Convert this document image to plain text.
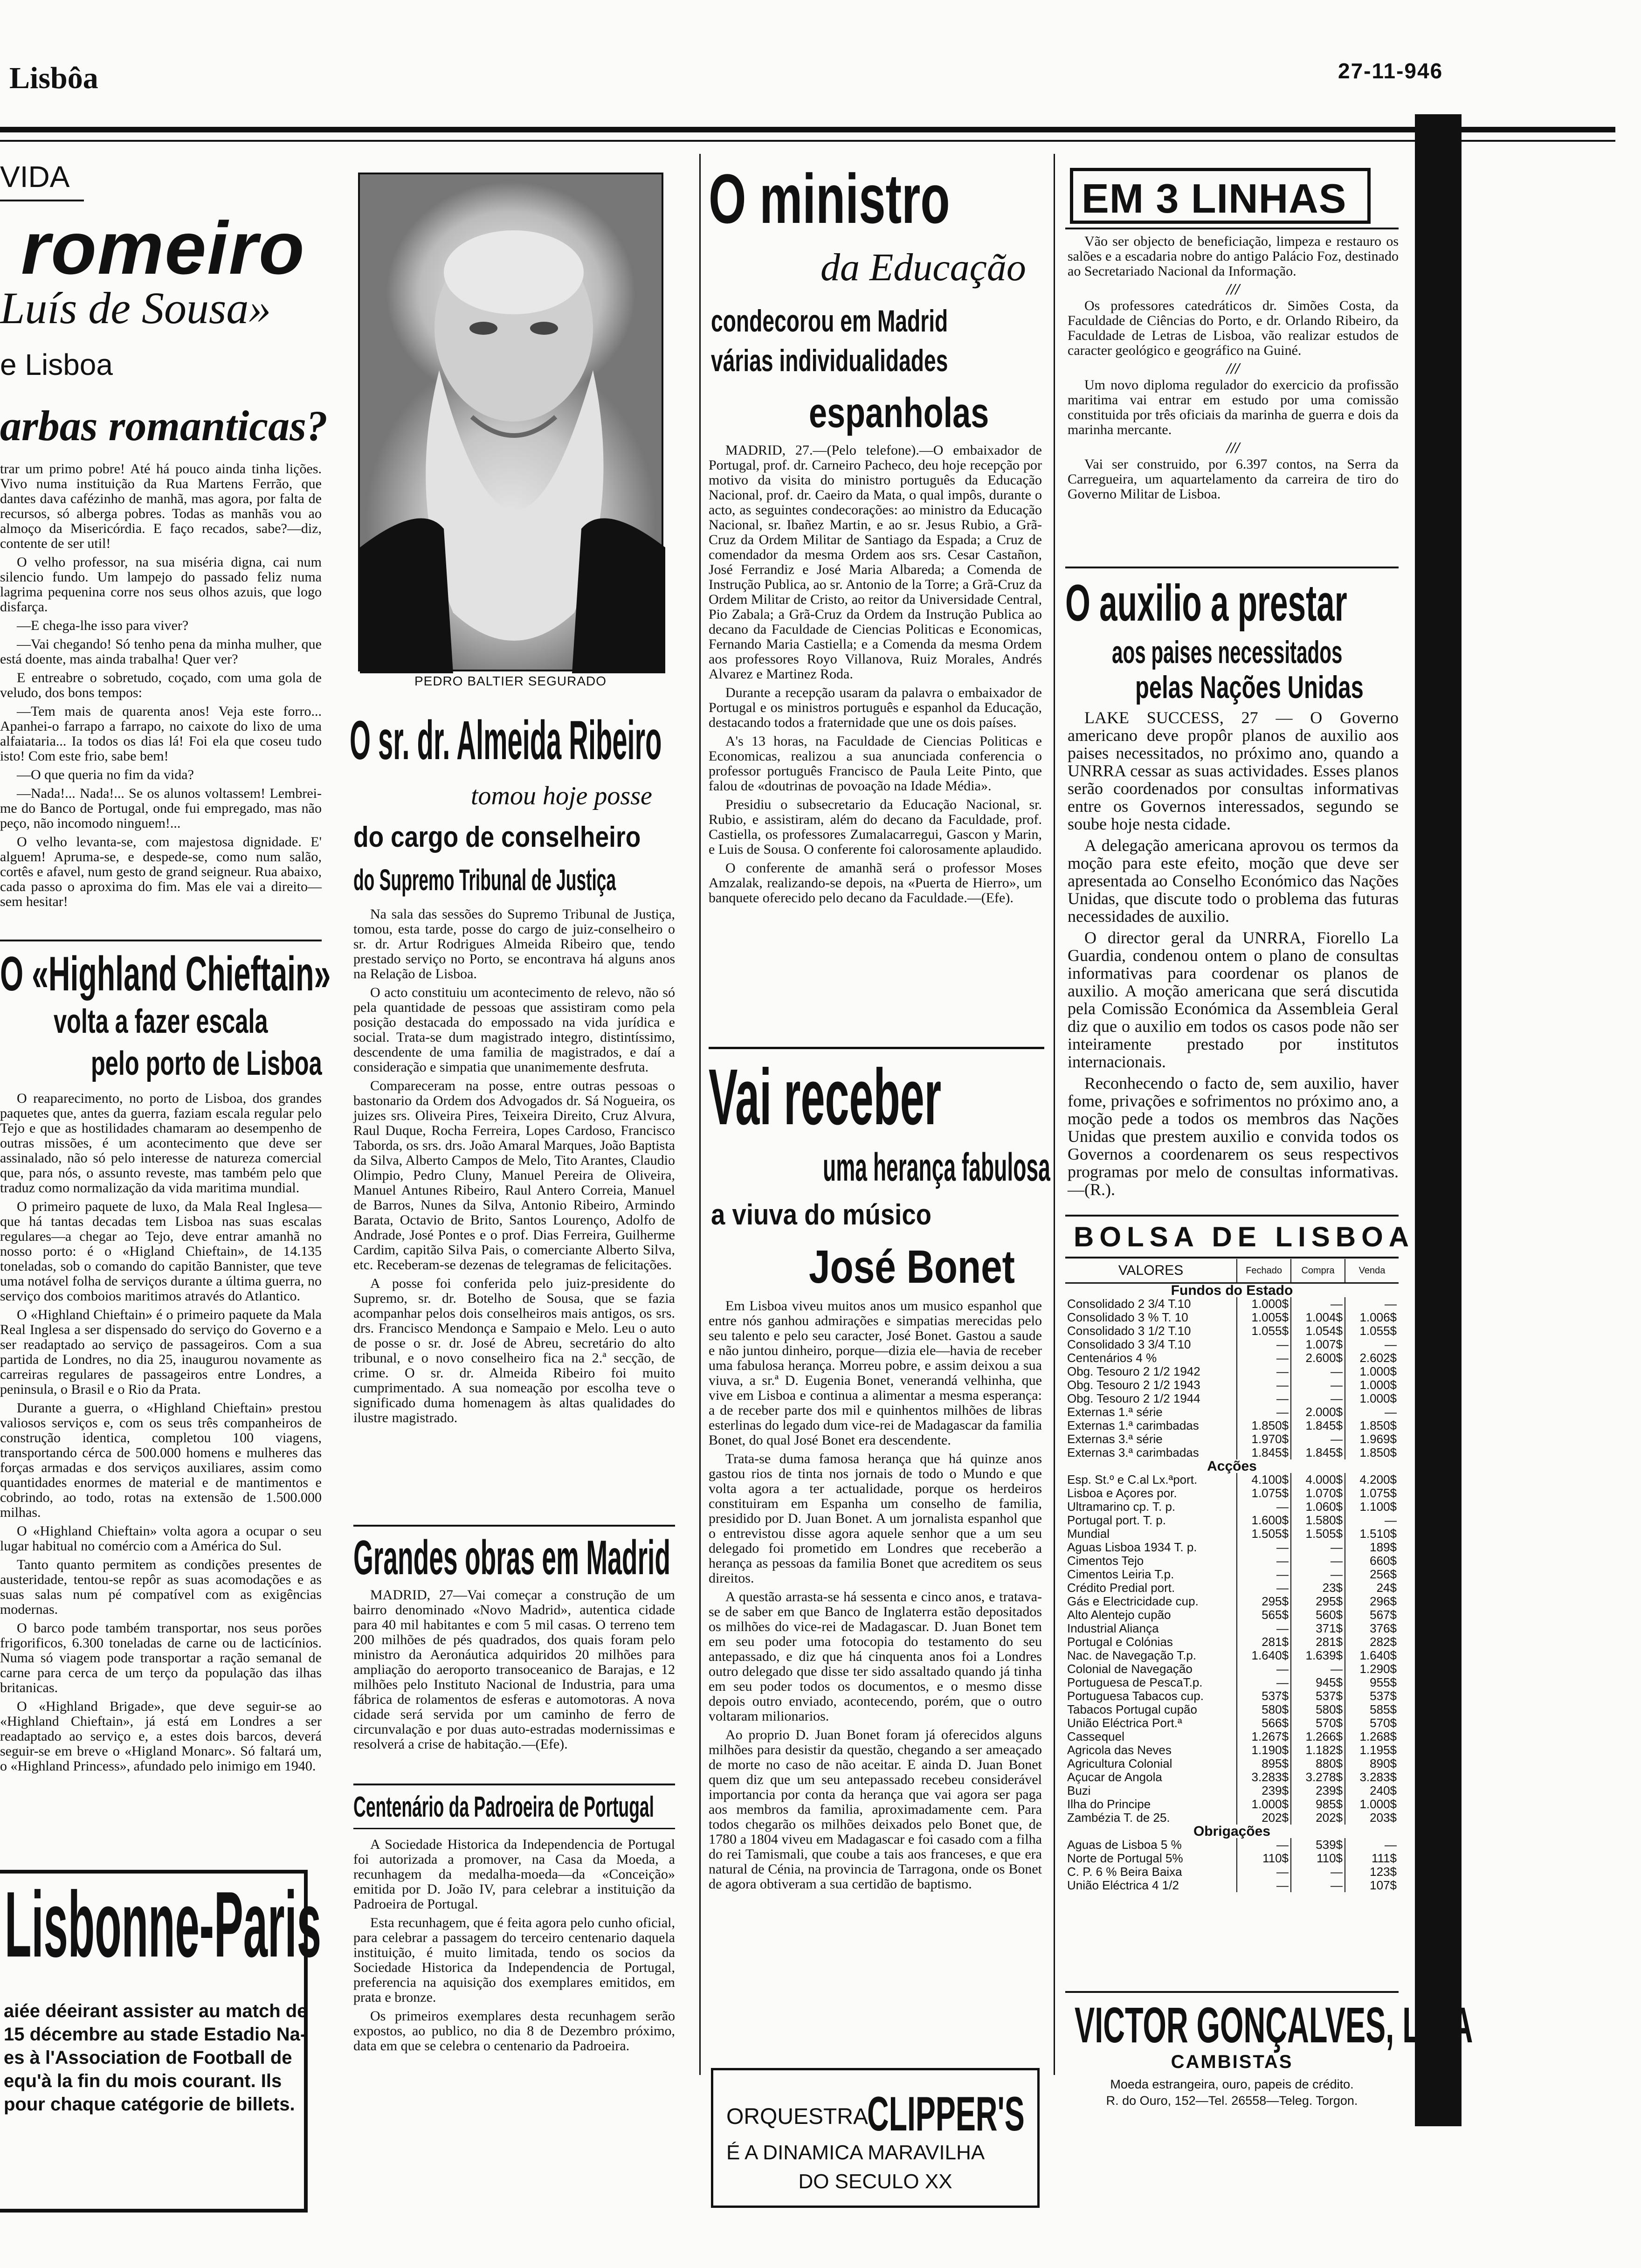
Lisbôa	27-11-946
VIDA
romeiro
Luís de Sousa»
e Lisboa
arbas romanticas?

trar um primo pobre! Até há pouco ainda tinha lições. Vivo numa instituição da Rua Martens Ferrão, que dantes dava cafézinho de manhã, mas agora, por falta de recursos, só alberga pobres. Todas as manhãs vou ao almoço da Misericórdia. E faço recados, sabe?—diz, contente de ser util!

O velho professor, na sua miséria digna, cai num silencio fundo. Um lampejo do passado feliz numa lagrima pequenina corre nos seus olhos azuis, que logo disfarça.

—E chega-lhe isso para viver?

—Vai chegando! Só tenho pena da minha mulher, que está doente, mas ainda trabalha! Quer ver?

E entreabre o sobretudo, coçado, com uma gola de veludo, dos bons tempos:

—Tem mais de quarenta anos! Veja este forro... Apanhei-o farrapo a farrapo, no caixote do lixo de uma alfaiataria... Ia todos os dias lá! Foi ela que coseu tudo isto! Com este frio, sabe bem!

—O que queria no fim da vida?

—Nada!... Nada!... Se os alunos voltassem! Lembrei-me do Banco de Portugal, onde fui empregado, mas não peço, não incomodo ninguem!...

O velho levanta-se, com majestosa dignidade. E' alguem! Apruma-se, e despede-se, como num salão, cortês e afavel, num gesto de grand seigneur. Rua abaixo, cada passo o aproxima do fim. Mas ele vai a direito—sem hesitar!

O «Highland Chieftain»
volta a fazer escala
pelo porto de Lisboa

O reaparecimento, no porto de Lisboa, dos grandes paquetes que, antes da guerra, faziam escala regular pelo Tejo e que as hostilidades chamaram ao desempenho de outras missões, é um acontecimento que deve ser assinalado, não só pelo interesse de natureza comercial que, para nós, o assunto reveste, mas também pelo que traduz como normalização da vida maritima mundial.

O primeiro paquete de luxo, da Mala Real Inglesa—que há tantas decadas tem Lisboa nas suas escalas regulares—a chegar ao Tejo, deve entrar amanhã no nosso porto: é o «Higland Chieftain», de 14.135 toneladas, sob o comando do capitão Bannister, que teve uma notável folha de serviços durante a última guerra, no serviço dos comboios maritimos através do Atlantico.

O «Highland Chieftain» é o primeiro paquete da Mala Real Inglesa a ser dispensado do serviço do Governo e a ser readaptado ao serviço de passageiros. Com a sua partida de Londres, no dia 25, inaugurou novamente as carreiras regulares de passageiros entre Londres, a peninsula, o Brasil e o Rio da Prata.

Durante a guerra, o «Highland Chieftain» prestou valiosos serviços e, com os seus três companheiros de construção identica, completou 100 viagens, transportando cérca de 500.000 homens e mulheres das forças armadas e dos serviços auxiliares, assim como quantidades enormes de material e de mantimentos e cobrindo, ao todo, rotas na extensão de 1.500.000 milhas.

O «Highland Chieftain» volta agora a ocupar o seu lugar habitual no comércio com a América do Sul.

Tanto quanto permitem as condições presentes de austeridade, tentou-se repôr as suas acomodações e as suas salas num pé compatível com as exigências modernas.

O barco pode também transportar, nos seus porões frigorificos, 6.300 toneladas de carne ou de lacticínios. Numa só viagem pode transportar a ração semanal de carne para cerca de um terço da população das ilhas britanicas.

O «Highland Brigade», que deve seguir-se ao «Highland Chieftain», já está em Londres a ser readaptado ao serviço e, a estes dois barcos, deverá seguir-se em breve o «Higland Monarc». Só faltará um, o «Highland Princess», afundado pelo inimigo em 1940.

Lisbonne-Paris
aiée déeirant assister au match de
15 décembre au stade Estadio Na-
es à l'Association de Football de
equ'à la fin du mois courant. Ils
pour chaque catégorie de billets.
PEDRO BALTIER SEGURADO
O sr. dr. Almeida Ribeiro
tomou hoje posse
do cargo de conselheiro
do Supremo Tribunal de Justiça

Na sala das sessões do Supremo Tribunal de Justiça, tomou, esta tarde, posse do cargo de juiz-conselheiro o sr. dr. Artur Rodrigues Almeida Ribeiro que, tendo prestado serviço no Porto, se encontrava há alguns anos na Relação de Lisboa.

O acto constituiu um acontecimento de relevo, não só pela quantidade de pessoas que assistiram como pela posição destacada do empossado na vida jurídica e social. Trata-se dum magistrado integro, distintíssimo, descendente de uma familia de magistrados, e daí a consideração e simpatia que unanimemente desfruta.

Compareceram na posse, entre outras pessoas o bastonario da Ordem dos Advogados dr. Sá Nogueira, os juizes srs. Oliveira Pires, Teixeira Direito, Cruz Alvura, Raul Duque, Rocha Ferreira, Lopes Cardoso, Francisco Taborda, os srs. drs. João Amaral Marques, João Baptista da Silva, Alberto Campos de Melo, Tito Arantes, Claudio Olimpio, Pedro Cluny, Manuel Pereira de Oliveira, Manuel Antunes Ribeiro, Raul Antero Correia, Manuel de Barros, Nunes da Silva, Antonio Ribeiro, Armindo Barata, Octavio de Brito, Santos Lourenço, Adolfo de Andrade, José Pontes e o prof. Dias Ferreira, Guilherme Cardim, capitão Silva Pais, o comerciante Alberto Silva, etc. Receberam-se dezenas de telegramas de felicitações.

A posse foi conferida pelo juiz-presidente do Supremo, sr. dr. Botelho de Sousa, que se fazia acompanhar pelos dois conselheiros mais antigos, os srs. drs. Francisco Mendonça e Sampaio e Melo. Leu o auto de posse o sr. dr. José de Abreu, secretário do alto tribunal, e o novo conselheiro fica na 2.ª secção, de crime. O sr. dr. Almeida Ribeiro foi muito cumprimentado. A sua nomeação por escolha teve o significado duma homenagem às altas qualidades do ilustre magistrado.

Grandes obras em Madrid

MADRID, 27—Vai começar a construção de um bairro denominado «Novo Madrid», autentica cidade para 40 mil habitantes e com 5 mil casas. O terreno tem 200 milhões de pés quadrados, dos quais foram pelo ministro da Aeronáutica adquiridos 20 milhões para ampliação do aeroporto transoceanico de Barajas, e 12 milhões pelo Instituto Nacional de Industria, para uma fábrica de rolamentos de esferas e automotoras. A nova cidade será servida por um caminho de ferro de circunvalação e por duas auto-estradas modernissimas e resolverá a crise de habitação.—(Efe).

Centenário da Padroeira de Portugal

A Sociedade Historica da Independencia de Portugal foi autorizada a promover, na Casa da Moeda, a recunhagem da medalha-moeda—da «Conceição» emitida por D. João IV, para celebrar a instituição da Padroeira de Portugal.

Esta recunhagem, que é feita agora pelo cunho oficial, para celebrar a passagem do terceiro centenario daquela instituição, é muito limitada, tendo os socios da Sociedade Historica da Independencia de Portugal, preferencia na aquisição dos exemplares emitidos, em prata e bronze.

Os primeiros exemplares desta recunhagem serão expostos, ao publico, no dia 8 de Dezembro próximo, data em que se celebra o centenario da Padroeira.

O ministro
da Educação
condecorou em Madrid
várias individualidades
espanholas

MADRID, 27.—(Pelo telefone).—O embaixador de Portugal, prof. dr. Carneiro Pacheco, deu hoje recepção por motivo da visita do ministro português da Educação Nacional, prof. dr. Caeiro da Mata, o qual impôs, durante o acto, as seguintes condecorações: ao ministro da Educação Nacional, sr. Ibañez Martin, e ao sr. Jesus Rubio, a Grã-Cruz da Ordem Militar de Santiago da Espada; a Cruz de comendador da mesma Ordem aos srs. Cesar Castañon, José Ferrandiz e José Maria Albareda; a Comenda de Instrução Publica, ao sr. Antonio de la Torre; a Grã-Cruz da Ordem Militar de Cristo, ao reitor da Universidade Central, Pio Zabala; a Grã-Cruz da Ordem da Instrução Publica ao decano da Faculdade de Ciencias Politicas e Economicas, Fernando Maria Castiella; e a Comenda da mesma Ordem aos professores Royo Villanova, Ruiz Morales, Andrés Alvarez e Martinez Roda.

Durante a recepção usaram da palavra o embaixador de Portugal e os ministros português e espanhol da Educação, destacando todos a fraternidade que une os dois países.

A's 13 horas, na Faculdade de Ciencias Politicas e Economicas, realizou a sua anunciada conferencia o professor português Francisco de Paula Leite Pinto, que falou de «doutrinas de povoação na Idade Média».

Presidiu o subsecretario da Educação Nacional, sr. Rubio, e assistiram, além do decano da Faculdade, prof. Castiella, os professores Zumalacarregui, Gascon y Marin, e Luis de Sousa. O conferente foi calorosamente aplaudido.

O conferente de amanhã será o professor Moses Amzalak, realizando-se depois, na «Puerta de Hierro», um banquete oferecido pelo decano da Faculdade.—(Efe).

Vai receber
uma herança fabulosa
a viuva do músico
José Bonet

Em Lisboa viveu muitos anos um musico espanhol que entre nós ganhou admirações e simpatias merecidas pelo seu talento e pelo seu caracter, José Bonet. Gastou a saude e não juntou dinheiro, porque—dizia ele—havia de receber uma fabulosa herança. Morreu pobre, e assim deixou a sua viuva, a sr.ª D. Eugenia Bonet, venerandá velhinha, que vive em Lisboa e continua a alimentar a mesma esperança: a de receber parte dos mil e quinhentos milhões de libras esterlinas do legado dum vice-rei de Madagascar da familia Bonet, do qual José Bonet era descendente.

Trata-se duma famosa herança que há quinze anos gastou rios de tinta nos jornais de todo o Mundo e que volta agora a ter actualidade, porque os herdeiros constituiram em Espanha um conselho de familia, presidido por D. Juan Bonet. A um jornalista espanhol que o entrevistou disse agora aquele senhor que a um seu delegado foi prometido em Londres que receberão a herança as pessoas da familia Bonet que acreditem os seus direitos.

A questão arrasta-se há sessenta e cinco anos, e tratava-se de saber em que Banco de Inglaterra estão depositados os milhões do vice-rei de Madagascar. D. Juan Bonet tem em seu poder uma fotocopia do testamento do seu antepassado, e diz que há cinquenta anos foi a Londres outro delegado que disse ter sido assaltado quando já tinha em seu poder todos os documentos, e o mesmo disse depois outro enviado, acontecendo, porém, que o outro voltaram milionarios.

Ao proprio D. Juan Bonet foram já oferecidos alguns milhões para desistir da questão, chegando a ser ameaçado de morte no caso de não aceitar. E ainda D. Juan Bonet quem diz que um seu antepassado recebeu considerável importancia por conta da herança que vai agora ser paga aos membros da familia, aproximadamente cem. Para todos chegarão os milhões deixados pelo Bonet que, de 1780 a 1804 viveu em Madagascar e foi casado com a filha do rei Tamismali, que coube a tais aos franceses, e que era natural de Cénia, na provincia de Tarragona, onde os Bonet de agora obtiveram a sua certidão de baptismo.

ORQUESTRA
CLIPPER'S
É A DINAMICA MARAVILHA
DO SECULO XX
EM 3 LINHAS

Vão ser objecto de beneficiação, limpeza e restauro os salões e a escadaria nobre do antigo Palácio Foz, destinado ao Secretariado Nacional da Informação.

///

Os professores catedráticos dr. Simões Costa, da Faculdade de Ciências do Porto, e dr. Orlando Ribeiro, da Faculdade de Letras de Lisboa, vão realizar estudos de caracter geológico e geográfico na Guiné.

///

Um novo diploma regulador do exercicio da profissão maritima vai entrar em estudo por uma comissão constituida por três oficiais da marinha de guerra e dois da marinha mercante.

///

Vai ser construido, por 6.397 contos, na Serra da Carregueira, um aquartelamento da carreira de tiro do Governo Militar de Lisboa.

O auxilio a prestar
aos paises necessitados
pelas Nações Unidas

LAKE SUCCESS, 27 — O Governo americano deve propôr planos de auxilio aos paises necessitados, no próximo ano, quando a UNRRA cessar as suas actividades. Esses planos serão coordenados por consultas informativas entre os Governos interessados, segundo se soube hoje nesta cidade.

A delegação americana aprovou os termos da moção para este efeito, moção que deve ser apresentada ao Conselho Económico das Nações Unidas, que discute todo o problema das futuras necessidades de auxilio.

O director geral da UNRRA, Fiorello La Guardia, condenou ontem o plano de consultas informativas para coordenar os planos de auxilio. A moção americana que será discutida pela Comissão Económica da Assembleia Geral diz que o auxilio em todos os casos pode não ser inteiramente prestado por institutos internacionais.

Reconhecendo o facto de, sem auxilio, haver fome, privações e sofrimentos no próximo ano, a moção pede a todos os membros das Nações Unidas que prestem auxilio e convida todos os Governos a coordenarem os seus respectivos programas por melo de consultas informativas.—(R.).

BOLSA DE LISBOA
VALORES	Fechado	Compra	Venda
Fundos do Estado			
Consolidado 2 3/4 T.10	1.000$	—	—
Consolidado 3 % T. 10	1.005$	1.004$	1.006$
Consolidado 3 1/2 T.10	1.055$	1.054$	1.055$
Consolidado 3 3/4 T.10	—	1.007$	—
Centenários 4 %	—	2.600$	2.602$
Obg. Tesouro 2 1/2 1942	—	—	1.000$
Obg. Tesouro 2 1/2 1943	—	—	1.000$
Obg. Tesouro 2 1/2 1944	—	—	1.000$
Externas 1.ª série	—	2.000$	—
Externas 1.ª carimbadas	1.850$	1.845$	1.850$
Externas 3.ª série	1.970$	—	1.969$
Externas 3.ª carimbadas	1.845$	1.845$	1.850$
Acções			
Esp. St.º e C.al Lx.ªport.	4.100$	4.000$	4.200$
Lisboa e Açores por.	1.075$	1.070$	1.075$
Ultramarino cp. T. p.	—	1.060$	1.100$
Portugal port. T. p.	1.600$	1.580$	—
Mundial	1.505$	1.505$	1.510$
Aguas Lisboa 1934 T. p.	—	—	189$
Cimentos Tejo	—	—	660$
Cimentos Leiria T.p.	—	—	256$
Crédito Predial port.	—	23$	24$
Gás e Electricidade cup.	295$	295$	296$
Alto Alentejo cupão	565$	560$	567$
Industrial Aliança	—	371$	376$
Portugal e Colónias	281$	281$	282$
Nac. de Navegação T.p.	1.640$	1.639$	1.640$
Colonial de Navegação	—	—	1.290$
Portuguesa de PescaT.p.	—	945$	955$
Portuguesa Tabacos cup.	537$	537$	537$
Tabacos Portugal cupão	580$	580$	585$
União Eléctrica Port.ª	566$	570$	570$
Cassequel	1.267$	1.266$	1.268$
Agricola das Neves	1.190$	1.182$	1.195$
Agricultura Colonial	895$	880$	890$
Açucar de Angola	3.283$	3.278$	3.283$
Buzi	239$	239$	240$
Ilha do Principe	1.000$	985$	1.000$
Zambézia T. de 25.	202$	202$	203$
Obrigações			
Aguas de Lisboa 5 %	—	539$	—
Norte de Portugal 5%	110$	110$	111$
C. P. 6 % Beira Baixa	—	—	123$
União Eléctrica 4 1/2	—	—	107$
VICTOR GONÇALVES, L.DA
CAMBISTAS
Moeda estrangeira, ouro, papeis de crédito.
R. do Ouro, 152—Tel. 26558—Teleg. Torgon.
